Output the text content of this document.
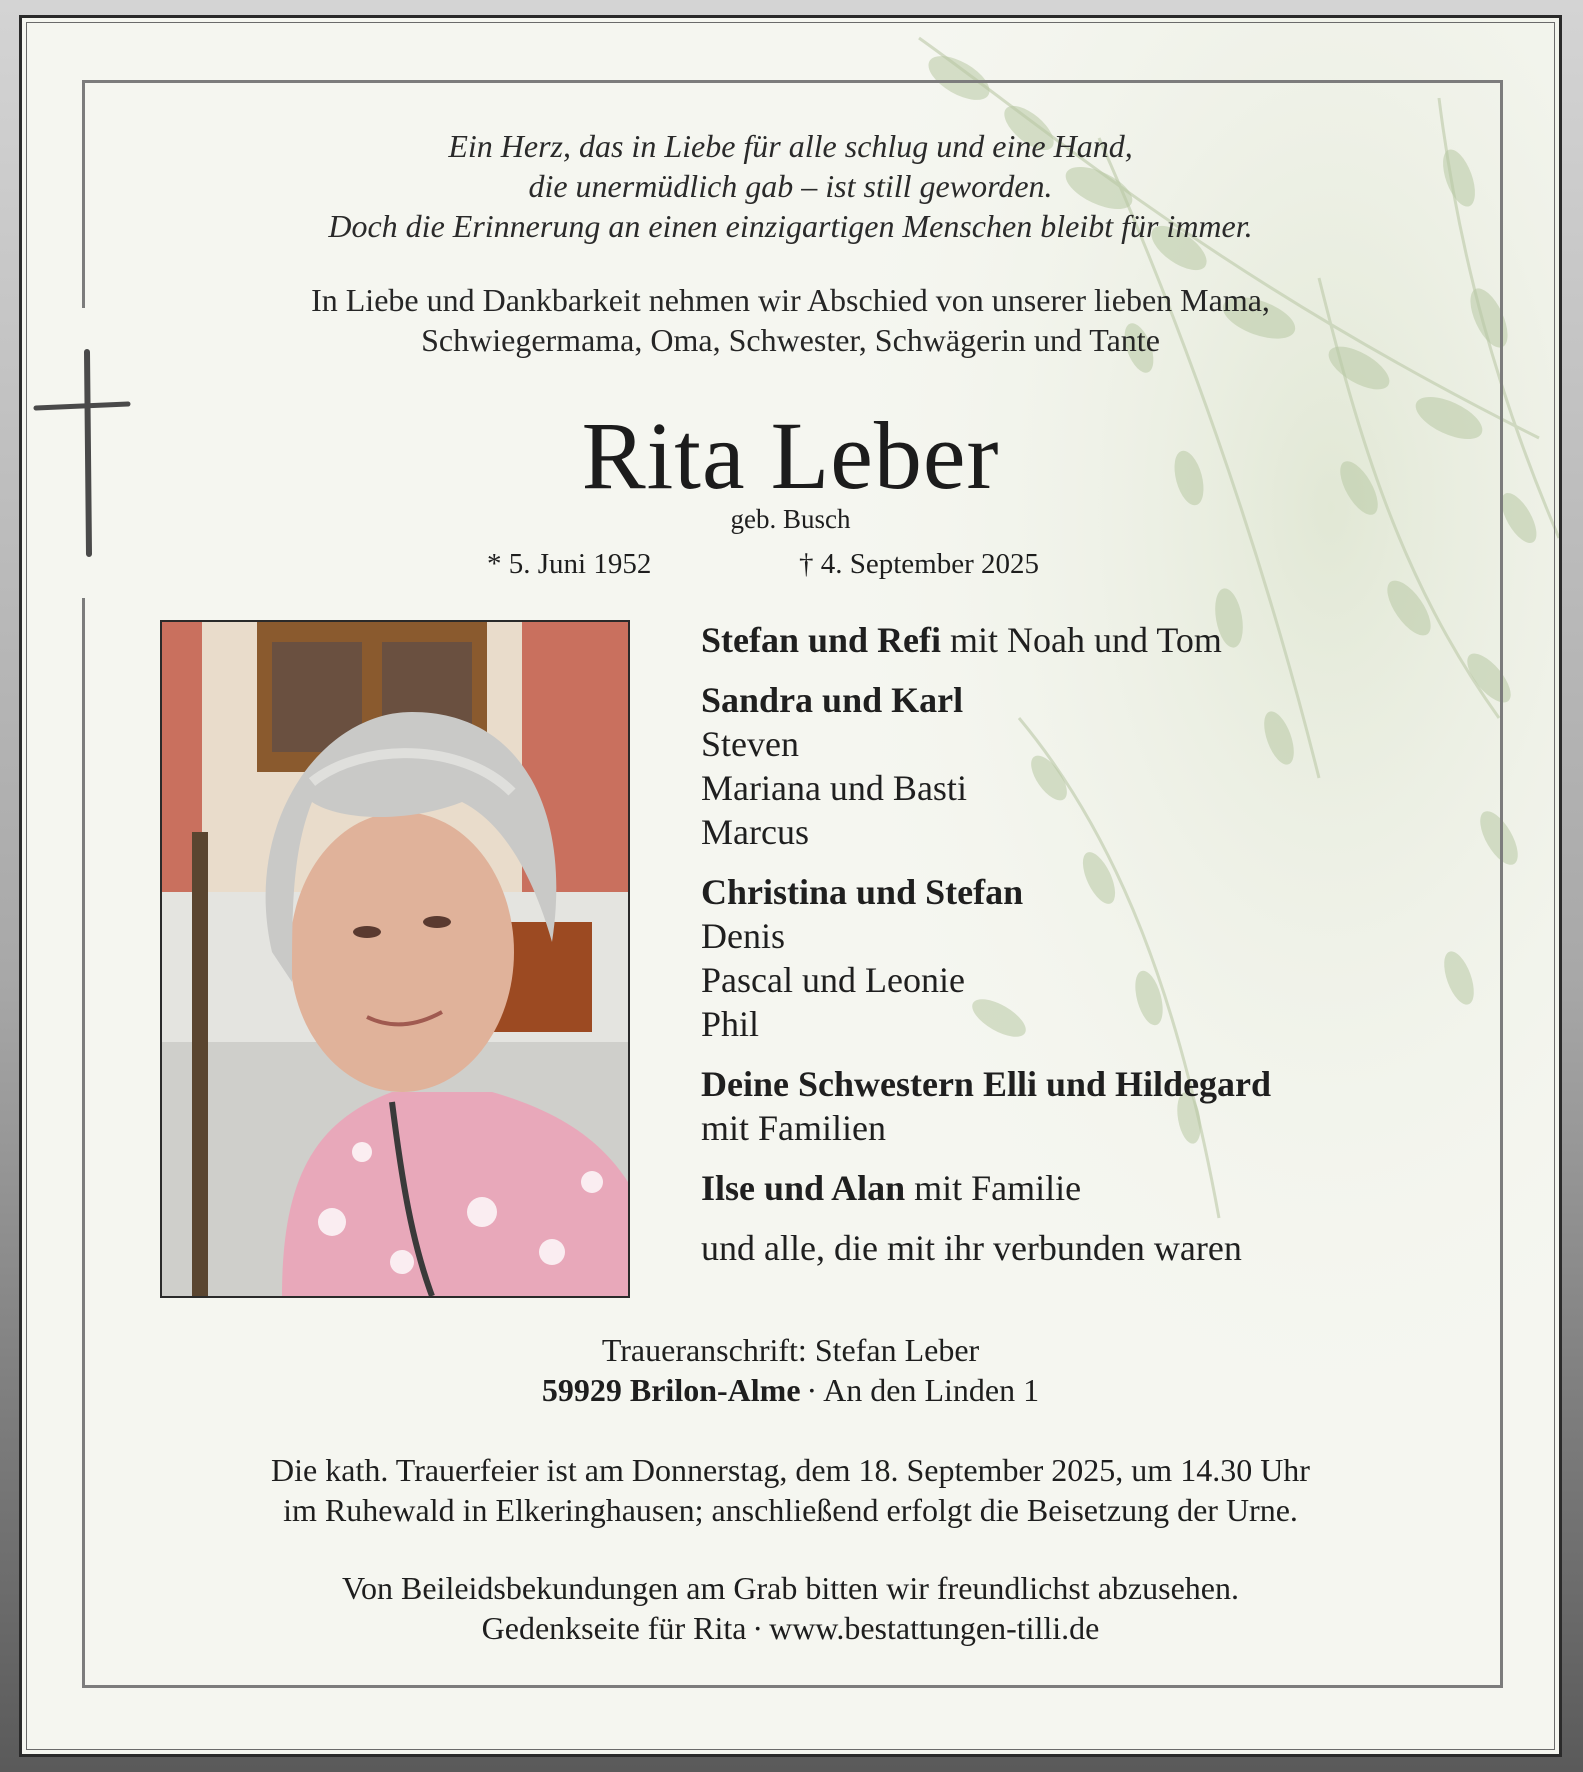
Ein Herz, das in Liebe für alle schlug und eine Hand,
die unermüdlich gab – ist still geworden.
Doch die Erinnerung an einen einzigartigen Menschen bleibt für immer.
In Liebe und Dankbarkeit nehmen wir Abschied von unserer lieben Mama,
Schwiegermama, Oma, Schwester, Schwägerin und Tante
Rita Leber
geb. Busch
* 5. Juni 1952	† 4. September 2025
Stefan und Refi mit Noah und Tom
Sandra und Karl
Steven
Mariana und Basti
Marcus
Christina und Stefan
Denis
Pascal und Leonie
Phil
Deine Schwestern Elli und Hildegard
mit Familien
Ilse und Alan mit Familie
und alle, die mit ihr verbunden waren
Traueranschrift: Stefan Leber
59929 Brilon-Alme · An den Linden 1
Die kath. Trauerfeier ist am Donnerstag, dem 18. September 2025, um 14.30 Uhr
im Ruhewald in Elkeringhausen; anschließend erfolgt die Beisetzung der Urne.
Von Beileidsbekundungen am Grab bitten wir freundlichst abzusehen.
Gedenkseite für Rita · www.bestattungen-tilli.de
